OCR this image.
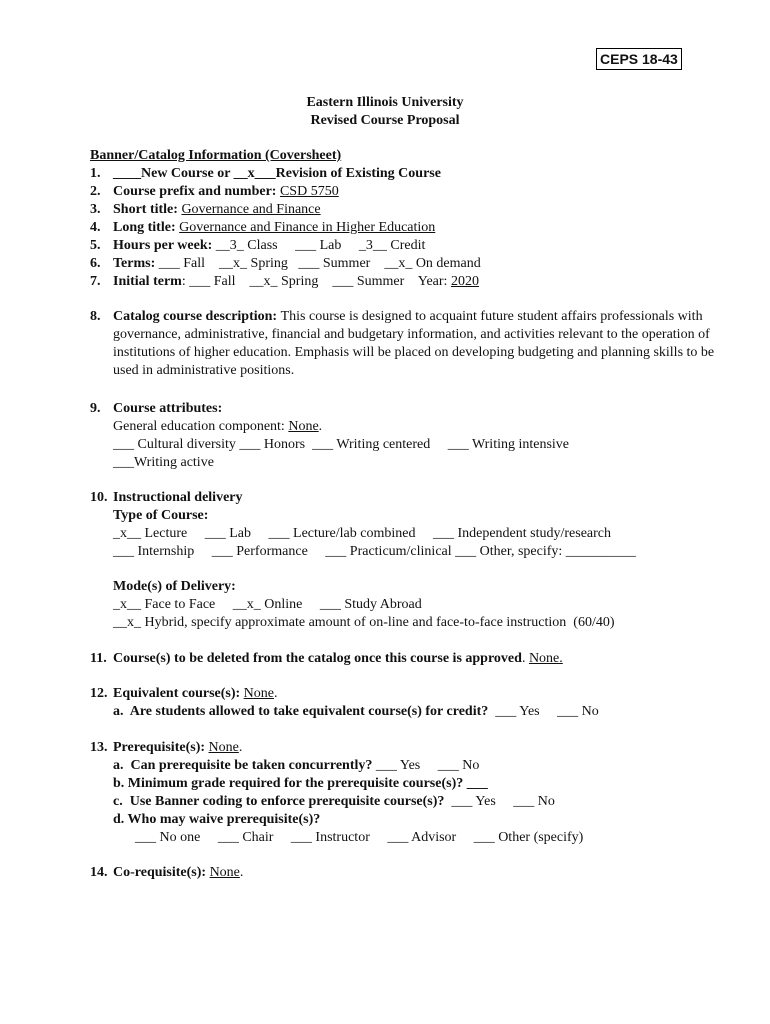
CEPS 18-43
Eastern Illinois University
Revised Course Proposal
Banner/Catalog Information (Coversheet)
1. ____New Course or __x___Revision of Existing Course
2. Course prefix and number: CSD 5750
3. Short title: Governance and Finance
4. Long title: Governance and Finance in Higher Education
5. Hours per week: __3_ Class     ___ Lab     _3__ Credit
6. Terms: ___ Fall    __x_ Spring   ___ Summer    __x_ On demand
7. Initial term: ___ Fall    __x_ Spring    ___ Summer    Year: 2020
8. Catalog course description: This course is designed to acquaint future student affairs professionals with governance, administrative, financial and budgetary information, and activities relevant to the operation of institutions of higher education. Emphasis will be placed on developing budgeting and planning skills to be used in administrative positions.
9. Course attributes:
General education component: None.
___ Cultural diversity ___ Honors  ___ Writing centered     ___ Writing intensive
___Writing active
10. Instructional delivery
Type of Course:
_x__ Lecture     ___ Lab     ___ Lecture/lab combined     ___ Independent study/research
___ Internship     ___ Performance     ___ Practicum/clinical ___ Other, specify: __________
Mode(s) of Delivery:
_x__ Face to Face     __x_ Online     ___ Study Abroad
__x_ Hybrid, specify approximate amount of on-line and face-to-face instruction  (60/40)
11. Course(s) to be deleted from the catalog once this course is approved. None.
12. Equivalent course(s): None.
a.  Are students allowed to take equivalent course(s) for credit?  ___ Yes     ___ No
13. Prerequisite(s): None.
a.  Can prerequisite be taken concurrently? ___ Yes     ___ No
b. Minimum grade required for the prerequisite course(s)? ___
c.  Use Banner coding to enforce prerequisite course(s)?  ___ Yes     ___ No
d. Who may waive prerequisite(s)?
___ No one     ___ Chair     ___ Instructor     ___ Advisor     ___ Other (specify)
14. Co-requisite(s): None.
